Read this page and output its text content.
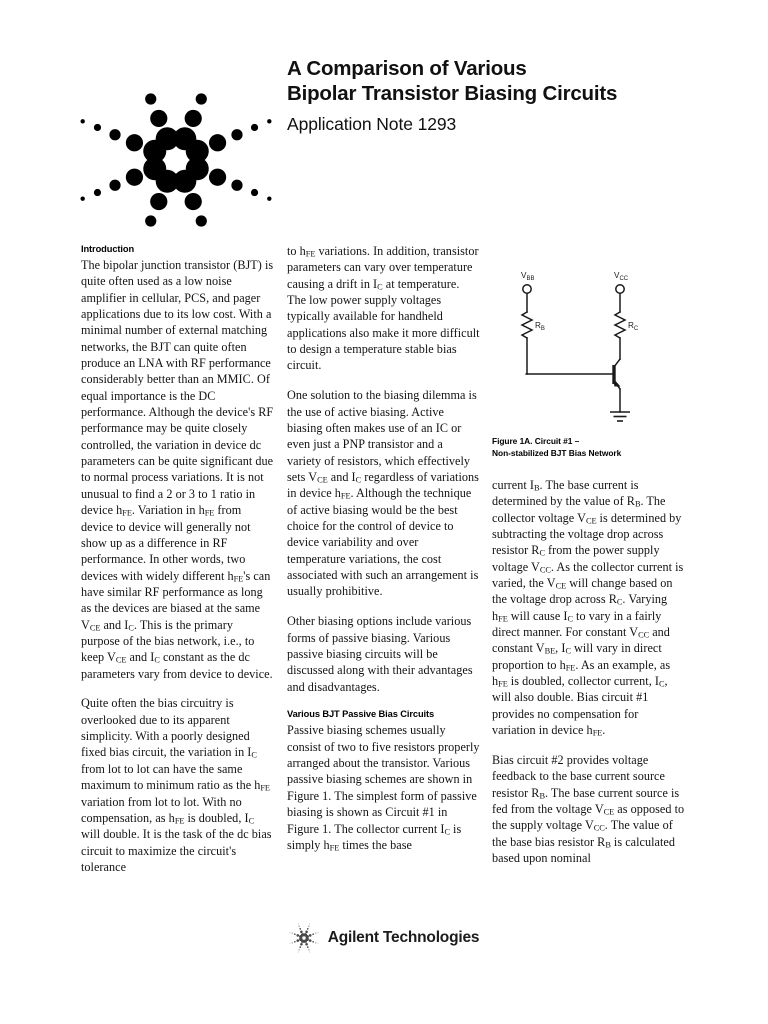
A Comparison of Various
Bipolar Transistor Biasing Circuits
Application Note 1293
Introduction

The bipolar junction transistor (BJT) is quite often used as a low noise amplifier in cellular, PCS, and pager applications due to its low cost. With a minimal number of external matching networks, the BJT can quite often produce an LNA with RF performance considerably better than an MMIC. Of equal importance is the DC performance. Although the device's RF performance may be quite closely controlled, the variation in device dc parameters can be quite significant due to normal process variations. It is not unusual to find a 2 or 3 to 1 ratio in device $h_{FE}$. Variation in $h_{FE}$ from device to device will generally not show up as a difference in RF performance. In other words, two devices with widely different $h_{FE}'s$ can have similar RF performance as long as the devices are biased at the same $V_{CE}$ and $I_C$. This is the primary purpose of the bias network, i.e., to keep $V_{CE}$ and $I_C$ constant as the dc parameters vary from device to device.

Quite often the bias circuitry is overlooked due to its apparent simplicity. With a poorly designed fixed bias circuit, the variation in $I_C$ from lot to lot can have the same maximum to minimum ratio as the $h_{FE}$ variation from lot to lot. With no compensation, as $h_{FE}$ is doubled, $I_C$ will double. It is the task of the dc bias circuit to maximize the circuit's tolerance

to $h_{FE}$ variations. In addition, transistor parameters can vary over temperature causing a drift in $I_C$ at temperature. The low power supply voltages typically available for handheld applications also make it more difficult to design a temperature stable bias circuit.

One solution to the biasing dilemma is the use of active biasing. Active biasing often makes use of an IC or even just a PNP transistor and a variety of resistors, which effectively sets $V_{CE}$ and $I_C$ regardless of variations in device $h_{FE}$. Although the technique of active biasing would be the best choice for the control of device to device variability and over temperature variations, the cost associated with such an arrangement is usually prohibitive.

Other biasing options include various forms of passive biasing. Various passive biasing circuits will be discussed along with their advantages and disadvantages.

Various BJT Passive Bias Circuits

Passive biasing schemes usually consist of two to five resistors properly arranged about the transistor. Various passive biasing schemes are shown in Figure 1. The simplest form of passive biasing is shown as Circuit #1 in Figure 1. The collector current $I_C$ is simply $h_{FE}$ times the base

$V_{BB}$	$V_{CC}$
$R_B$	$R_C$
Figure 1A. Circuit #1 –
Non-stabilized BJT Bias Network

current $I_B$. The base current is determined by the value of $R_B$. The collector voltage $V_{CE}$ is determined by subtracting the voltage drop across resistor $R_C$ from the power supply voltage $V_{CC}$. As the collector current is varied, the $V_{CE}$ will change based on the voltage drop across $R_C$. Varying $h_{FE}$ will cause $I_C$ to vary in a fairly direct manner. For constant $V_{CC}$ and constant $V_{BE}$, $I_C$ will vary in direct proportion to $h_{FE}$. As an example, as $h_{FE}$ is doubled, collector current, $I_C$, will also double. Bias circuit #1 provides no compensation for variation in device $h_{FE}$.

Bias circuit #2 provides voltage feedback to the base current source resistor $R_B$. The base current source is fed from the voltage $V_{CE}$ as opposed to the supply voltage $V_{CC}$. The value of the base bias resistor $R_B$ is calculated based upon nominal

Agilent Technologies
